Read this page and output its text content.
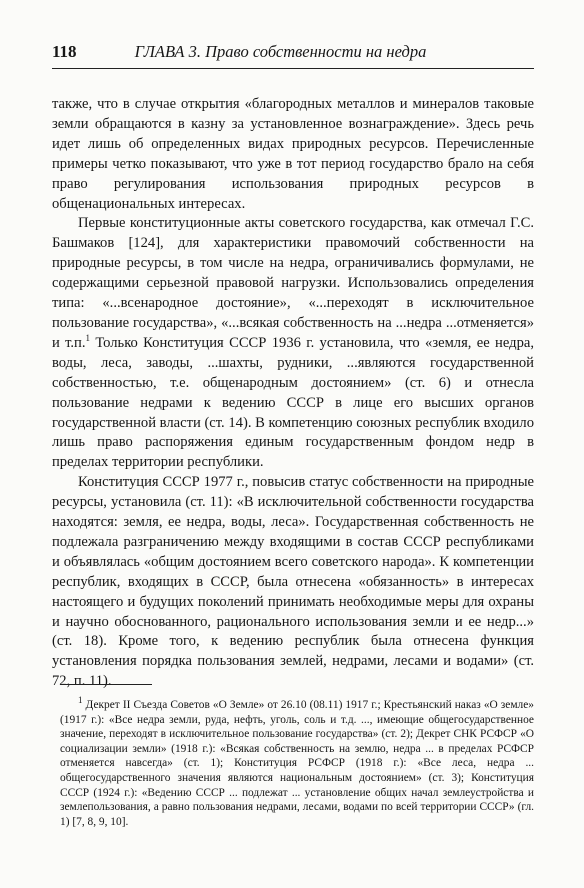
118	ГЛАВА 3. Право собственности на недра

также, что в случае открытия «благородных металлов и минералов таковые земли обращаются в казну за установленное вознаграждение». Здесь речь идет лишь об определенных видах природных ресурсов. Перечисленные примеры четко показывают, что уже в тот период государство брало на себя право регулирования использования природных ресурсов в общенациональных интересах.

Первые конституционные акты советского государства, как отмечал Г.С. Башмаков [124], для характеристики правомочий собственности на природные ресурсы, в том числе на недра, ограничивались формулами, не содержащими серьезной правовой нагрузки. Использовались определения типа: «...всенародное достояние», «...переходят в исключительное пользование государства», «...всякая собственность на ...недра ...отменяется» и т.п.$^1$ Только Конституция СССР 1936 г. установила, что «земля, ее недра, воды, леса, заводы, ...шахты, рудники, ...являются государственной собственностью, т.е. общенародным достоянием» (ст. 6) и отнесла пользование недрами к ведению СССР в лице его высших органов государственной власти (ст. 14). В компетенцию союзных республик входило лишь право распоряжения единым государственным фондом недр в пределах территории республики.

Конституция СССР 1977 г., повысив статус собственности на природные ресурсы, установила (ст. 11): «В исключительной собственности государства находятся: земля, ее недра, воды, леса». Государственная собственность не подлежала разграничению между входящими в состав СССР республиками и объявлялась «общим достоянием всего советского народа». К компетенции республик, входящих в СССР, была отнесена «обязанность» в интересах настоящего и будущих поколений принимать необходимые меры для охраны и научно обоснованного, рационального использования земли и ее недр...» (ст. 18). Кроме того, к ведению республик была отнесена функция установления порядка пользования землей, недрами, лесами и водами» (ст. 72, п. 11).

$^1$ Декрет II Съезда Советов «О Земле» от 26.10 (08.11) 1917 г.; Крестьянский наказ «О земле» (1917 г.): «Все недра земли, руда, нефть, уголь, соль и т.д. ..., имеющие общегосударственное значение, переходят в исключительное пользование государства» (ст. 2); Декрет СНК РСФСР «О социализации земли» (1918 г.): «Всякая собственность на землю, недра ... в пределах РСФСР отменяется навсегда» (ст. 1); Конституция РСФСР (1918 г.): «Все леса, недра ... общегосударственного значения являются национальным достоянием» (ст. 3); Конституция СССР (1924 г.): «Ведению СССР ... подлежат ... установление общих начал землеустройства и землепользования, а равно пользования недрами, лесами, водами по всей территории СССР» (гл. 1) [7, 8, 9, 10].
